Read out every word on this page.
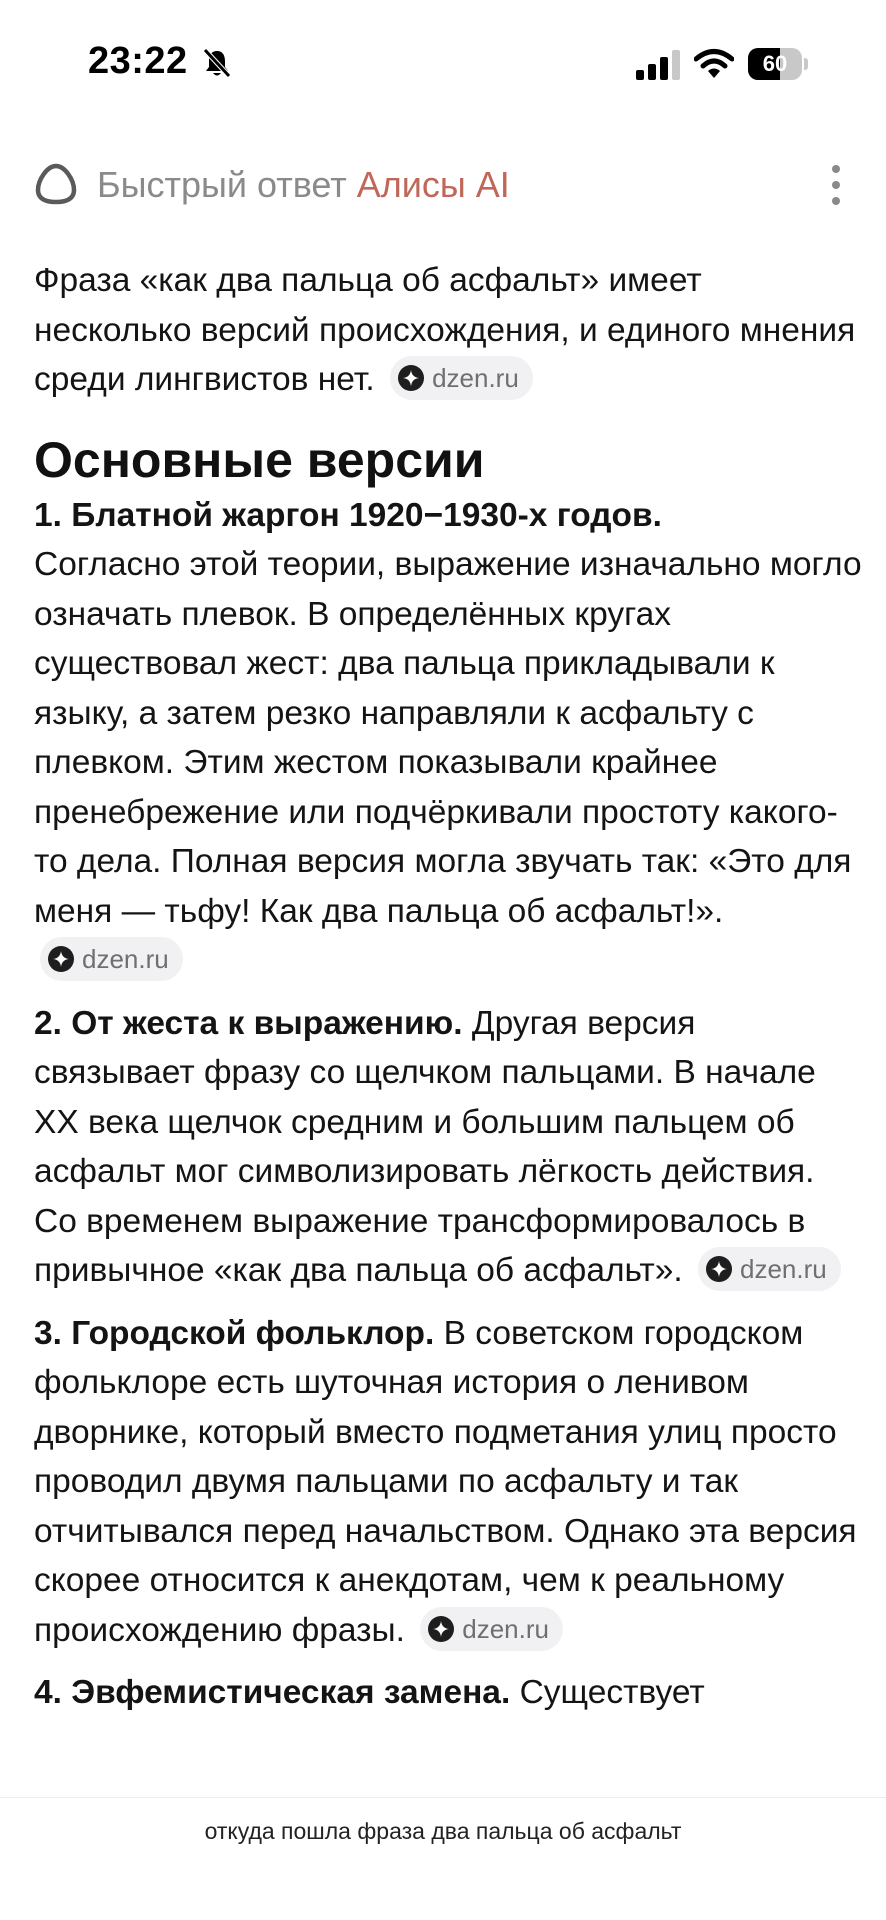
23:22	60
Быстрый ответ Алисы AI

Фраза «как два пальца об асфальт» имеет несколько версий происхождения, и единого мнения среди лингвистов нет. dzen.ru

Основные версии

1. Блатной жаргон 1920−1930-х годов.
Согласно этой теории, выражение изначально могло означать плевок. В определённых кругах существовал жест: два пальца прикладывали к языку, а затем резко направляли к асфальту с плевком. Этим жестом показывали крайнее пренебрежение или подчёркивали простоту какого-то дела. Полная версия могла звучать так: «Это для меня — тьфу! Как два пальца об асфальт!».
dzen.ru

2. От жеста к выражению. Другая версия связывает фразу со щелчком пальцами. В начале XX века щелчок средним и большим пальцем об асфальт мог символизировать лёгкость действия. Со временем выражение трансформировалось в привычное «как два пальца об асфальт». dzen.ru

3. Городской фольклор. В советском городском фольклоре есть шуточная история о ленивом дворнике, который вместо подметания улиц просто проводил двумя пальцами по асфальту и так отчитывался перед начальством. Однако эта версия скорее относится к анекдотам, чем к реальному происхождению фразы. dzen.ru

4. Эвфемистическая замена. Существует

откуда пошла фраза два пальца об асфальт
